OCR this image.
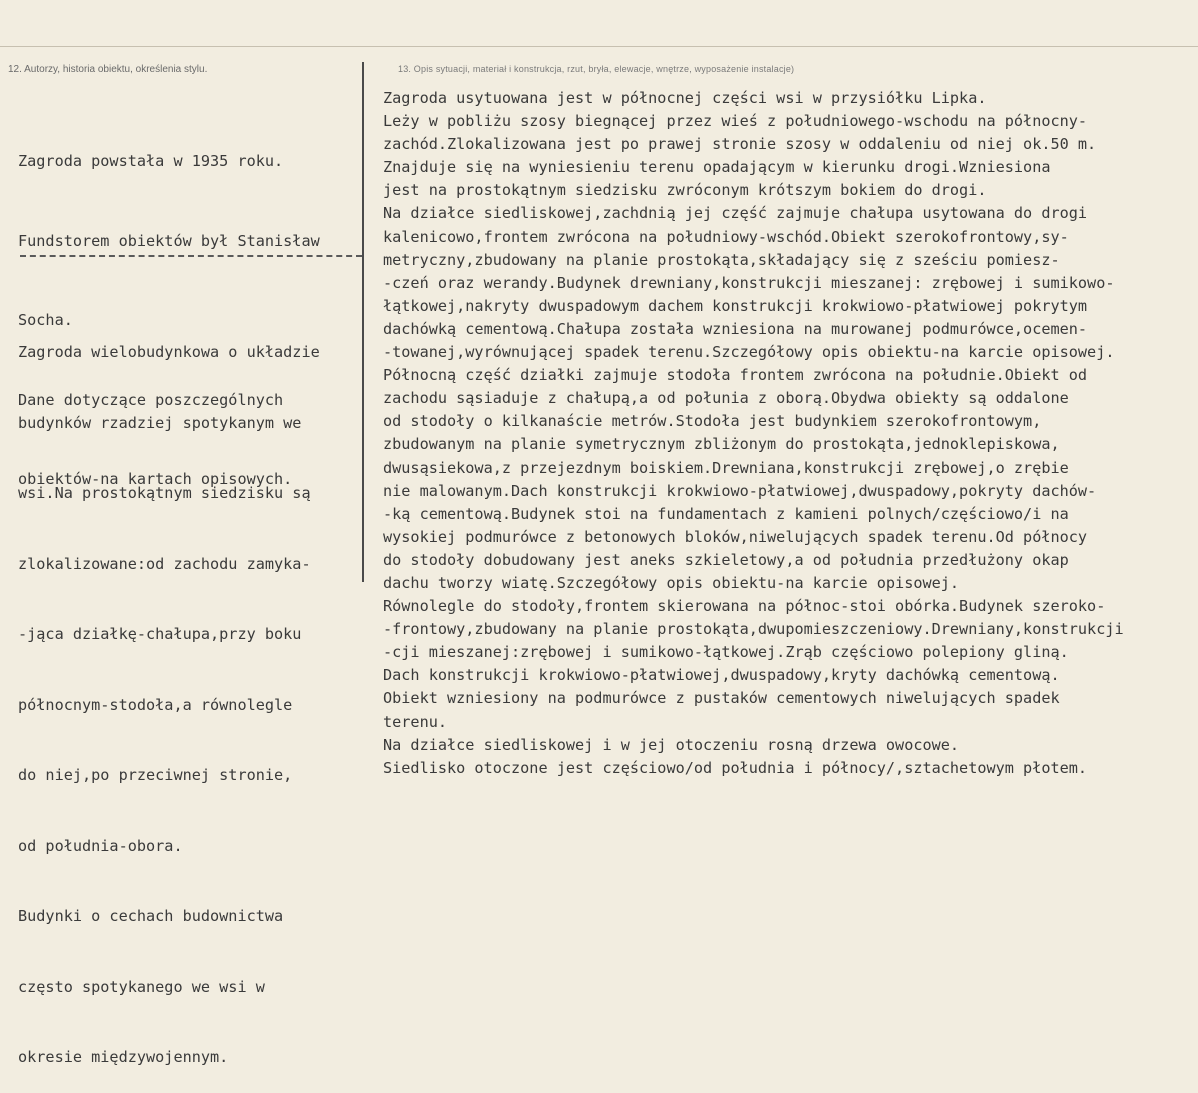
12. Autorzy, historia obiektu, określenia stylu.	13. Opis sytuacji, materiał i konstrukcja, rzut, bryła, elewacje, wnętrze, wyposażenie instalacje)

Zagroda powstała w 1935 roku.

Fundstorem obiektów był Stanisław

Socha.

Dane dotyczące poszczególnych

obiektów-na kartach opisowych.

Zagroda wielobudynkowa o układzie

budynków rzadziej spotykanym we

wsi.Na prostokątnym siedzisku są

zlokalizowane:od zachodu zamyka-

-jąca działkę-chałupa,przy boku

północnym-stodoła,a równolegle

do niej,po przeciwnej stronie,

od południa-obora.

Budynki o cechach budownictwa

często spotykanego we wsi w

okresie międzywojennym.

Zagroda usytuowana jest w północnej części wsi w przysiółku Lipka.
Leży w pobliżu szosy biegnącej przez wieś z południowego-wschodu na północny-
zachód.Zlokalizowana jest po prawej stronie szosy w oddaleniu od niej ok.50 m.
Znajduje się na wyniesieniu terenu opadającym w kierunku drogi.Wzniesiona
jest na prostokątnym siedzisku zwróconym krótszym bokiem do drogi.
Na działce siedliskowej,zachdnią jej część zajmuje chałupa usytowana do drogi
kalenicowo,frontem zwrócona na południowy-wschód.Obiekt szerokofrontowy,sy-
metryczny,zbudowany na planie prostokąta,składający się z sześciu pomiesz-
-czeń oraz werandy.Budynek drewniany,konstrukcji mieszanej: zrębowej i sumikowo-
łątkowej,nakryty dwuspadowym dachem konstrukcji krokwiowo-płatwiowej pokrytym
dachówką cementową.Chałupa została wzniesiona na murowanej podmurówce,ocemen-
-towanej,wyrównującej spadek terenu.Szczegółowy opis obiektu-na karcie opisowej.
Północną część działki zajmuje stodoła frontem zwrócona na południe.Obiekt od
zachodu sąsiaduje z chałupą,a od połunia z oborą.Obydwa obiekty są oddalone
od stodoły o kilkanaście metrów.Stodoła jest budynkiem szerokofrontowym,
zbudowanym na planie symetrycznym zbliżonym do prostokąta,jednoklepiskowa,
dwusąsiekowa,z przejezdnym boiskiem.Drewniana,konstrukcji zrębowej,o zrębie
nie malowanym.Dach konstrukcji krokwiowo-płatwiowej,dwuspadowy,pokryty dachów-
-ką cementową.Budynek stoi na fundamentach z kamieni polnych/częściowo/i na
wysokiej podmurówce z betonowych bloków,niwelujących spadek terenu.Od północy
do stodoły dobudowany jest aneks szkieletowy,a od południa przedłużony okap
dachu tworzy wiatę.Szczegółowy opis obiektu-na karcie opisowej.
Równolegle do stodoły,frontem skierowana na północ-stoi obórka.Budynek szeroko-
-frontowy,zbudowany na planie prostokąta,dwupomieszczeniowy.Drewniany,konstrukcji
-cji mieszanej:zrębowej i sumikowo-łątkowej.Zrąb częściowo polepiony gliną.
Dach konstrukcji krokwiowo-płatwiowej,dwuspadowy,kryty dachówką cementową.
Obiekt wzniesiony na podmurówce z pustaków cementowych niwelujących spadek
terenu.
Na działce siedliskowej i w jej otoczeniu rosną drzewa owocowe.
Siedlisko otoczone jest częściowo/od południa i północy/,sztachetowym płotem.
